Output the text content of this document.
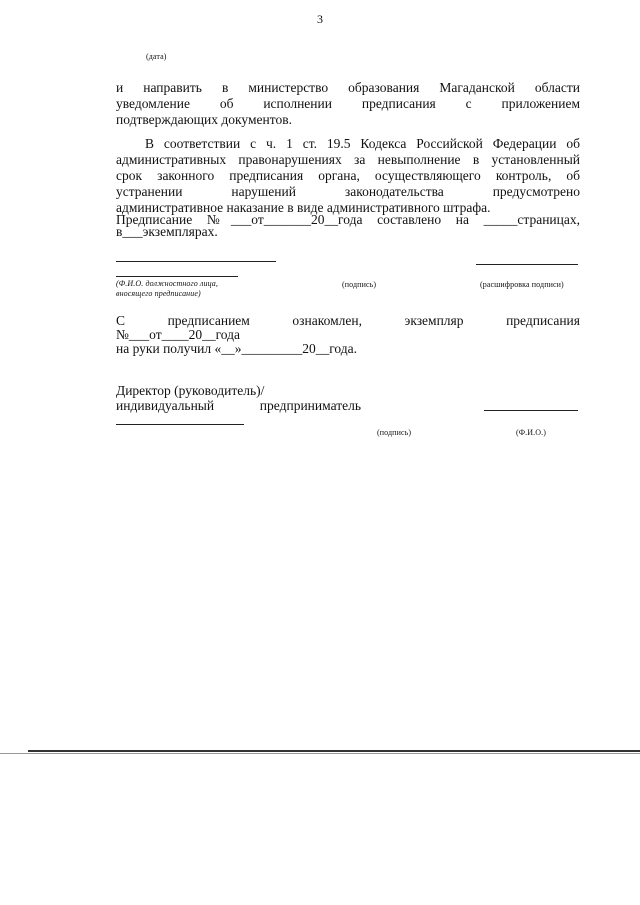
3
(дата)
и направить в министерство образования Магаданской области
уведомление об исполнении предписания с приложением
подтверждающих документов.
В соответствии с ч. 1 ст. 19.5 Кодекса Российской Федерации об
административных правонарушениях за невыполнение в установленный
срок законного предписания органа, осуществляющего контроль, об
устранении нарушений законодательства предусмотрено
административное наказание в виде административного штрафа.
Предписание №___от_______20__года составлено на _____страницах,
в___экземплярах.
(Ф.И.О. должностного лица,
вносящего предписание)
(подпись)	(расшифровка подписи)
С предписанием ознакомлен, экземпляр предписания
№___от____20__года
на руки получил «__»_________20__года.
Директор (руководитель)/
индивидуальный предприниматель
(подпись)	(Ф.И.О.)
